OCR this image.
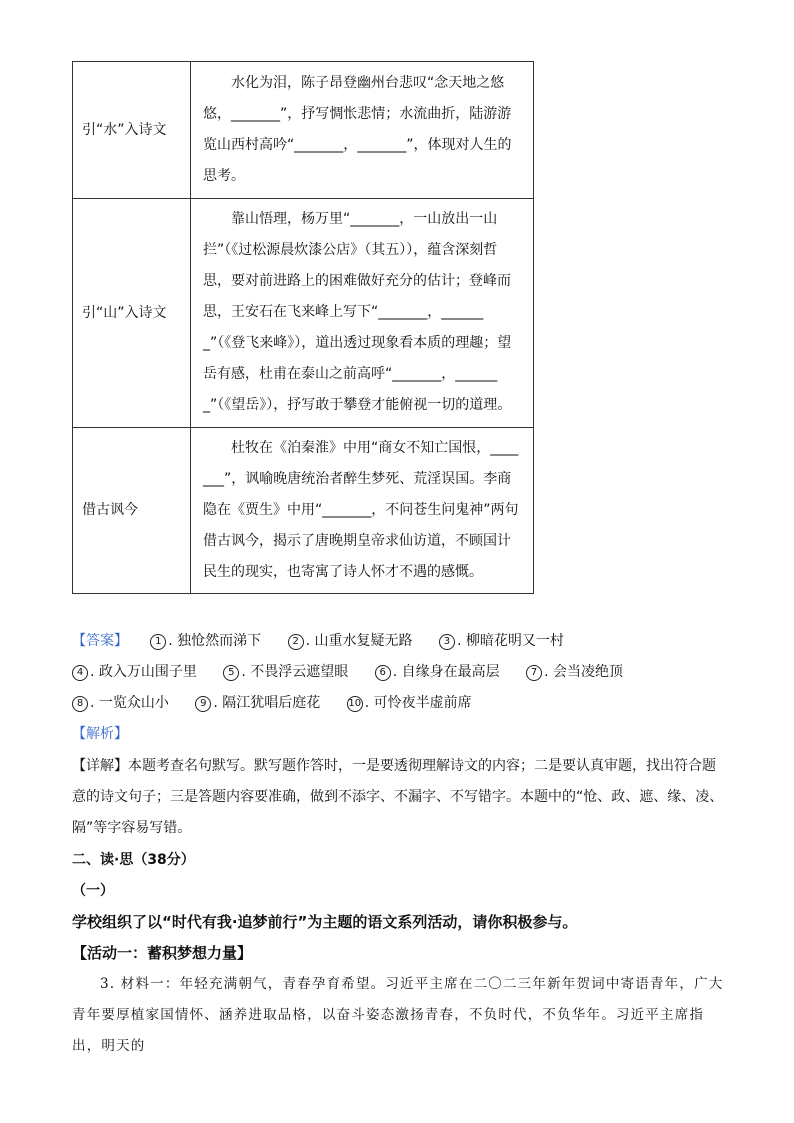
引“水”入诗文	水化为泪，陈子昂登幽州台悲叹“念天地之悠悠，_______”，抒写惆怅悲情；水流曲折，陆游游览山西村高吟“_______，_______”，体现对人生的思考。

引“山”入诗文	靠山悟理，杨万里“_______，一山放出一山拦”（《过松源晨炊漆公店》（其五）），蕴含深刻哲思，要对前进路上的困难做好充分的估计；登峰而思，王安石在飞来峰上写下“_______，_______”（《登飞来峰》），道出透过现象看本质的理趣；望岳有感，杜甫在泰山之前高呼“_______，_______”（《望岳》），抒写敢于攀登才能俯视一切的道理。

借古讽今	杜牧在《泊秦淮》中用“商女不知亡国恨，_______”，讽喻晚唐统治者醉生梦死、荒淫误国。李商隐在《贾生》中用“_______，不问苍生问鬼神”两句借古讽今，揭示了唐晚期皇帝求仙访道，不顾国计民生的现实，也寄寓了诗人怀才不遇的感慨。

【答案】	1 . 独怆然而涕下	2 . 山重水复疑无路	3 . 柳暗花明又一村 4 . 政入万山围子里	5 . 不畏浮云遮望眼	6 . 自缘身在最高层	7 . 会当凌绝顶 8 . 一览众山小	9 . 隔江犹唱后庭花	10 . 可怜夜半虚前席
【解析】
【详解】本题考查名句默写。默写题作答时，一是要透彻理解诗文的内容；二是要认真审题，找出符合题意的诗文句子；三是答题内容要准确，做到不添字、不漏字、不写错字。本题中的“怆、政、遮、缘、凌、隔”等字容易写错。
二、读·思（38分）
（一）
学校组织了以“时代有我·追梦前行”为主题的语文系列活动，请你积极参与。
【活动一：蓄积梦想力量】
3. 材料一：年轻充满朝气，青春孕育希望。习近平主席在二〇二三年新年贺词中寄语青年，广大青年要厚植家国情怀、涵养进取品格，以奋斗姿态激扬青春，不负时代，不负华年。习近平主席指出，明天的
